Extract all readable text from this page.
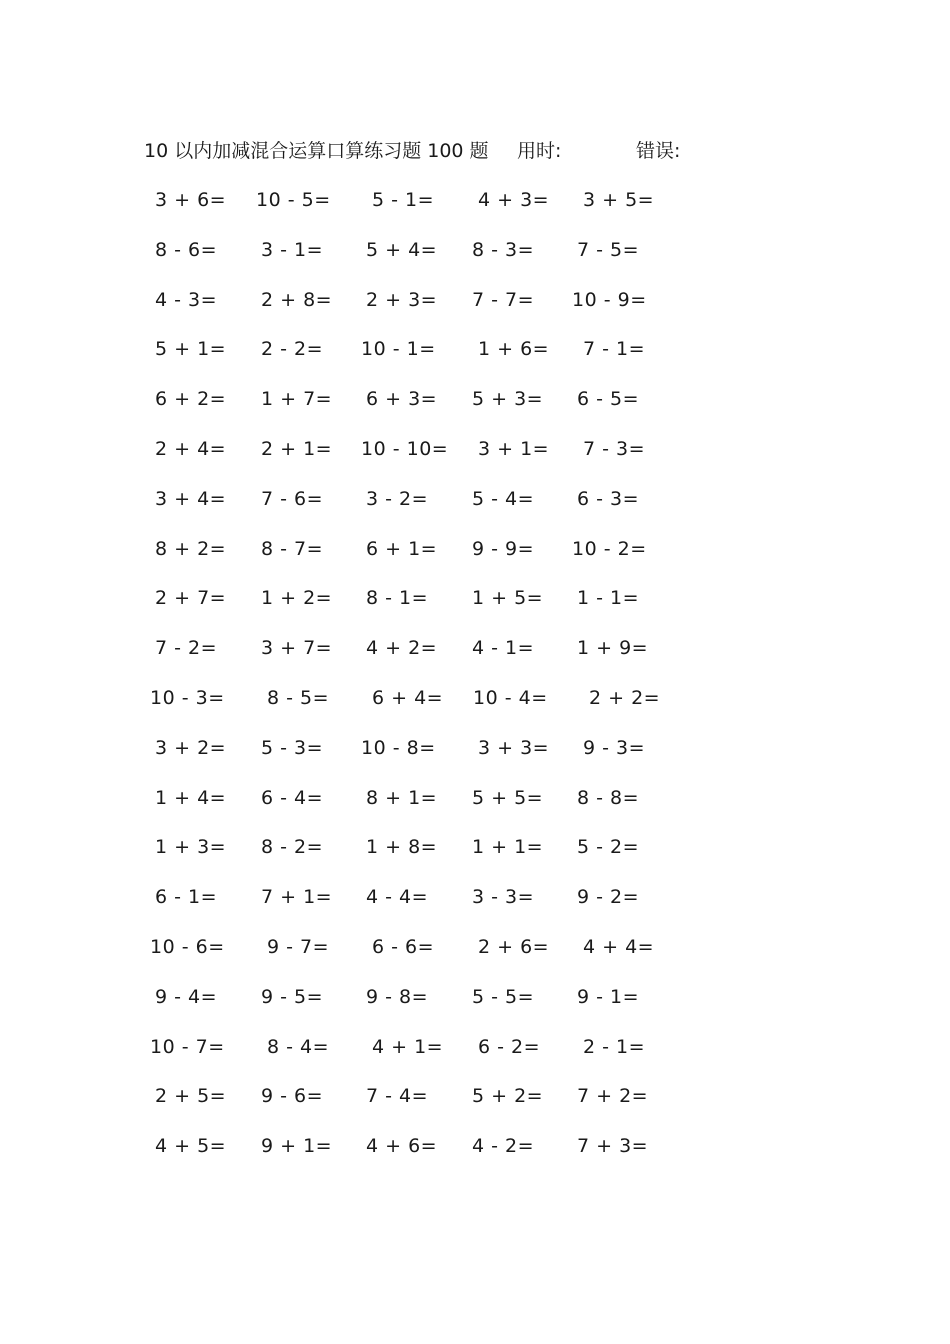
10 以内加减混合运算口算练习题 100 题 用时:	错误:
3 + 6= 10 - 5= 5 - 1= 4 + 3= 3 + 5=
8 - 6= 3 - 1= 5 + 4= 8 - 3= 7 - 5=
4 - 3= 2 + 8= 2 + 3= 7 - 7= 10 - 9=
5 + 1= 2 - 2= 10 - 1= 1 + 6= 7 - 1=
6 + 2= 1 + 7= 6 + 3= 5 + 3= 6 - 5=
2 + 4= 2 + 1= 10 - 10= 3 + 1= 7 - 3=
3 + 4= 7 - 6= 3 - 2= 5 - 4= 6 - 3=
8 + 2= 8 - 7= 6 + 1= 9 - 9= 10 - 2=
2 + 7= 1 + 2= 8 - 1= 1 + 5= 1 - 1=
7 - 2= 3 + 7= 4 + 2= 4 - 1= 1 + 9=
10 - 3= 8 - 5= 6 + 4= 10 - 4= 2 + 2=
3 + 2= 5 - 3= 10 - 8= 3 + 3= 9 - 3=
1 + 4= 6 - 4= 8 + 1= 5 + 5= 8 - 8=
1 + 3= 8 - 2= 1 + 8= 1 + 1= 5 - 2=
6 - 1= 7 + 1= 4 - 4= 3 - 3= 9 - 2=
10 - 6= 9 - 7= 6 - 6= 2 + 6= 4 + 4=
9 - 4= 9 - 5= 9 - 8= 5 - 5= 9 - 1=
10 - 7= 8 - 4= 4 + 1= 6 - 2= 2 - 1=
2 + 5= 9 - 6= 7 - 4= 5 + 2= 7 + 2=
4 + 5= 9 + 1= 4 + 6= 4 - 2= 7 + 3=
